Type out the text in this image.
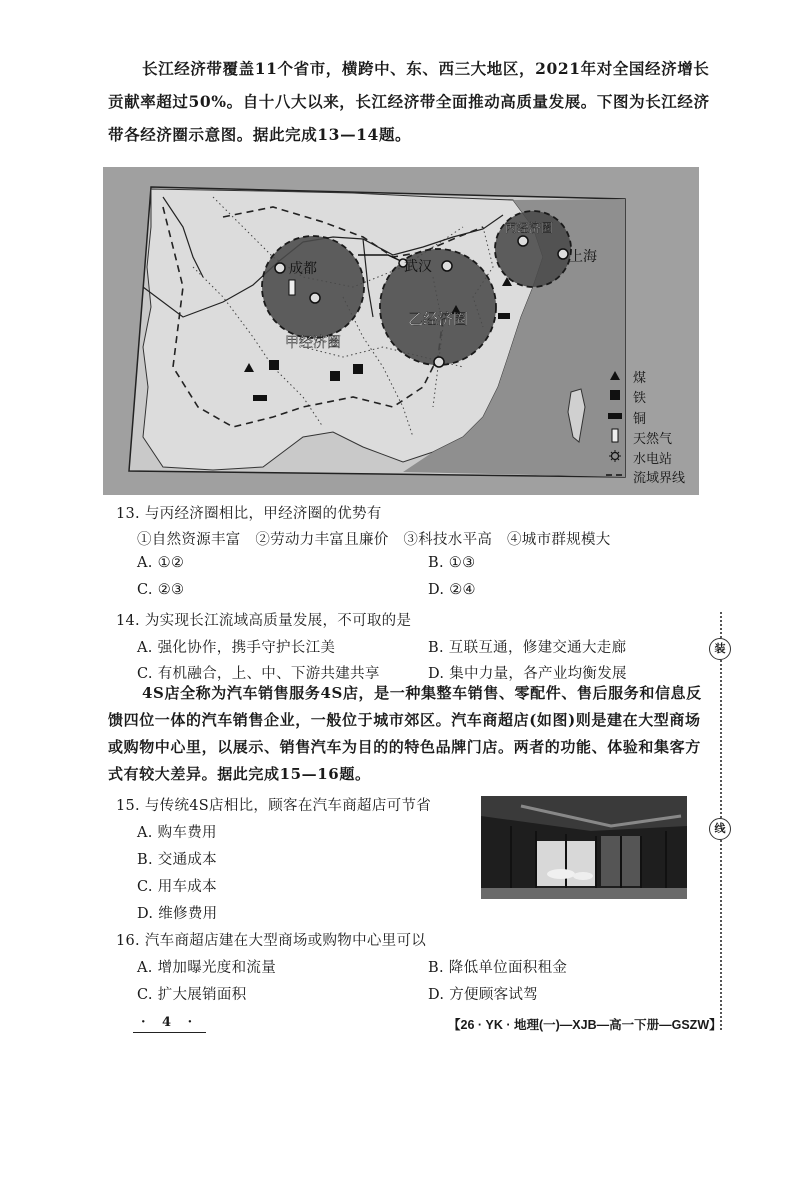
长江经济带覆盖11个省市，横跨中、东、西三大地区，2021年对全国经济增长贡献率超过50%。自十八大以来，长江经济带全面推动高质量发展。下图为长江经济带各经济圈示意图。据此完成13—14题。
成都	武汉
上海
甲经济圈
乙经济圈
丙经济圈
煤
铁
铜
天然气
水电站
流域界线
13. 与丙经济圈相比，甲经济圈的优势有
①自然资源丰富　②劳动力丰富且廉价　③科技水平高　④城市群规模大
A. ①②	B. ①③
C. ②③	D. ②④
14. 为实现长江流域高质量发展，不可取的是
A. 强化协作，携手守护长江美	B. 互联互通，修建交通大走廊
C. 有机融合，上、中、下游共建共享	D. 集中力量，各产业均衡发展
4S店全称为汽车销售服务4S店，是一种集整车销售、零配件、售后服务和信息反馈四位一体的汽车销售企业，一般位于城市郊区。汽车商超店(如图)则是建在大型商场或购物中心里，以展示、销售汽车为目的的特色品牌门店。两者的功能、体验和集客方式有较大差异。据此完成15—16题。
15. 与传统4S店相比，顾客在汽车商超店可节省
A. 购车费用
B. 交通成本
C. 用车成本
D. 维修费用
16. 汽车商超店建在大型商场或购物中心里可以
A. 增加曝光度和流量	B. 降低单位面积租金
C. 扩大展销面积	D. 方便顾客试驾
装
线
· 4 ·	【26 · YK · 地理(一)—XJB—高一下册—GSZW】
